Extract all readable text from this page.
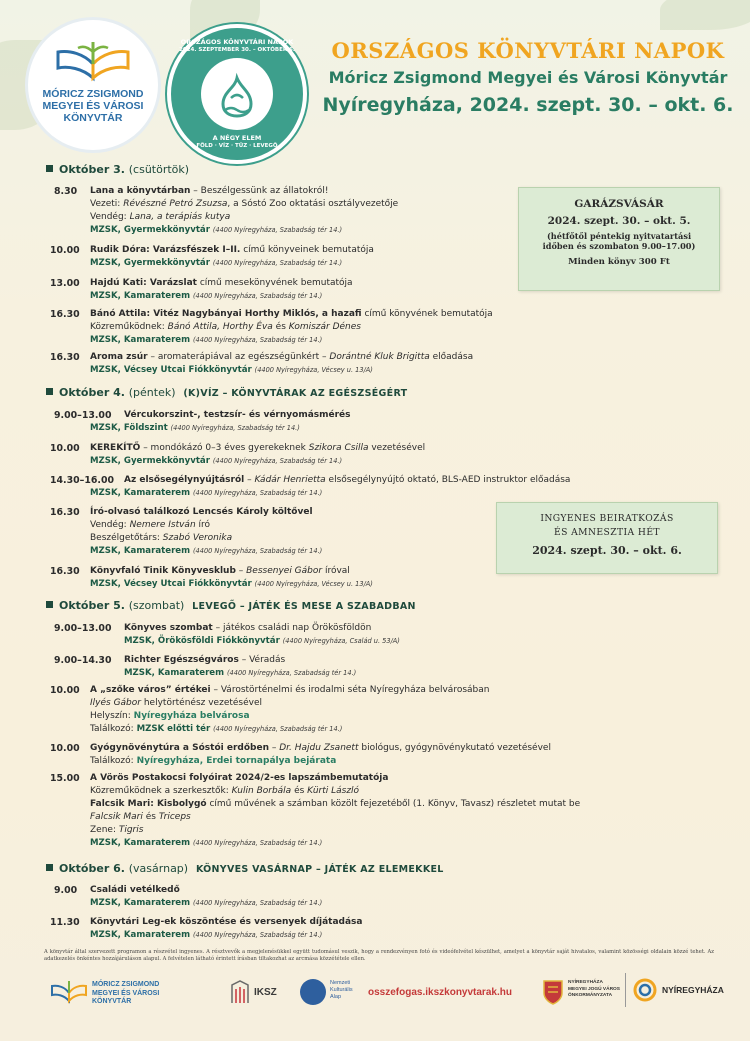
MÓRICZ ZSIGMOND
MEGYEI ÉS VÁROSI
KÖNYVTÁR
ORSZÁGOS KÖNYVTÁRI NAPOK
2024. SZEPTEMBER 30. – OKTÓBER 6.
A NÉGY ELEM
FÖLD · VÍZ · TŰZ · LEVEGŐ
ORSZÁGOS KÖNYVTÁRI NAPOK
Móricz Zsigmond Megyei és Városi Könyvtár
Nyíregyháza, 2024. szept. 30. – okt. 6.
Október 3. (csütörtök)
8.30 Lana a könyvtárban – Beszélgessünk az állatokról!
Vezeti: Révészné Petró Zsuzsa, a Sóstó Zoo oktatási osztályvezetője
Vendég: Lana, a terápiás kutya
MZSK, Gyermekkönyvtár (4400 Nyíregyháza, Szabadság tér 14.)
10.00 Rudik Dóra: Varázsfészek I–II. című könyveinek bemutatója
MZSK, Gyermekkönyvtár (4400 Nyíregyháza, Szabadság tér 14.)
13.00 Hajdú Kati: Varázslat című mesekönyvének bemutatója
MZSK, Kamaraterem (4400 Nyíregyháza, Szabadság tér 14.)
16.30 Bánó Attila: Vitéz Nagybányai Horthy Miklós, a hazafi című könyvének bemutatója
Közreműködnek: Bánó Attila, Horthy Éva és Komiszár Dénes
MZSK, Kamaraterem (4400 Nyíregyháza, Szabadság tér 14.)
16.30 Aroma zsúr – aromaterápiával az egészségünkért – Dorántné Kluk Brigitta előadása
MZSK, Vécsey Utcai Fiókkönyvtár (4400 Nyíregyháza, Vécsey u. 13/A)
Október 4. (péntek) (K)VÍZ – KÖNYVTÁRAK AZ EGÉSZSÉGÉRT
9.00–13.00 Vércukorszint-, testzsír- és vérnyomásmérés
MZSK, Földszint (4400 Nyíregyháza, Szabadság tér 14.)
10.00 KEREKÍTŐ – mondókázó 0–3 éves gyerekeknek Szikora Csilla vezetésével
MZSK, Gyermekkönyvtár (4400 Nyíregyháza, Szabadság tér 14.)
14.30–16.00 Az elsősegélynyújtásról – Kádár Henrietta elsősegélynyújtó oktató, BLS-AED instruktor előadása
MZSK, Kamaraterem (4400 Nyíregyháza, Szabadság tér 14.)
16.30 Író-olvasó találkozó Lencsés Károly költővel
Vendég: Nemere István író
Beszélgetőtárs: Szabó Veronika
MZSK, Kamaraterem (4400 Nyíregyháza, Szabadság tér 14.)
16.30 Könyvfaló Tinik Könyvesklub – Bessenyei Gábor íróval
MZSK, Vécsey Utcai Fiókkönyvtár (4400 Nyíregyháza, Vécsey u. 13/A)
Október 5. (szombat) LEVEGŐ – JÁTÉK ÉS MESE A SZABADBAN
9.00–13.00 Könyves szombat – játékos családi nap Örökösföldön
MZSK, Örökösföldi Fiókkönyvtár (4400 Nyíregyháza, Család u. 53/A)
9.00–14.30 Richter Egészségváros – Véradás
MZSK, Kamaraterem (4400 Nyíregyháza, Szabadság tér 14.)
10.00 A „szőke város” értékei – Várostörténelmi és irodalmi séta Nyíregyháza belvárosában
Ilyés Gábor helytörténész vezetésével
Helyszín: Nyíregyháza belvárosa
Találkozó: MZSK előtti tér (4400 Nyíregyháza, Szabadság tér 14.)
10.00 Gyógynövénytúra a Sóstói erdőben – Dr. Hajdu Zsanett biológus, gyógynövénykutató vezetésével
Találkozó: Nyíregyháza, Erdei tornapálya bejárata
15.00 A Vörös Postakocsi folyóirat 2024/2-es lapszámbemutatója
Közreműködnek a szerkesztők: Kulin Borbála és Kürti László
Falcsik Mari: Kisbolygó című művének a számban közölt fejezetéből (1. Könyv, Tavasz) részletet mutat be
Falcsik Mari és Triceps
Zene: Tigris
MZSK, Kamaraterem (4400 Nyíregyháza, Szabadság tér 14.)
Október 6. (vasárnap) KÖNYVES VASÁRNAP – JÁTÉK AZ ELEMEKKEL
9.00 Családi vetélkedő
MZSK, Kamaraterem (4400 Nyíregyháza, Szabadság tér 14.)
11.30 Könyvtári Leg-ek köszöntése és versenyek díjátadása
MZSK, Kamaraterem (4400 Nyíregyháza, Szabadság tér 14.)
GARÁZSVÁSÁR
2024. szept. 30. – okt. 5.
(hétfőtől péntekig nyitvatartási
időben és szombaton 9.00–17.00)
Minden könyv 300 Ft
INGYENES BEIRATKOZÁS
ÉS AMNESZTIA HÉT
2024. szept. 30. – okt. 6.
A könyvtár által szervezett programon a részvétel ingyenes. A résztvevők a megjelenésükkel együtt tudomásul veszik, hogy a rendezvényen fotó és videófelvétel készülhet, amelyet a könyvtár saját hivatalos, valamint közösségi oldalain közzé tehet. Az adatkezelés önkéntes hozzájáruláson alapul. A felvételen látható érintett írásban tiltakozhat az arcmása közzététele ellen.
MÓRICZ ZSIGMOND
MEGYEI ÉS VÁROSI
KÖNYVTÁR
IKSZ
Nemzeti
Kulturális
Alap	osszefogas.ikszkonyvtarak.hu
NYÍREGYHÁZA
MEGYEI JOGÚ VÁROS
ÖNKORMÁNYZATA
NYÍREGYHÁZA
